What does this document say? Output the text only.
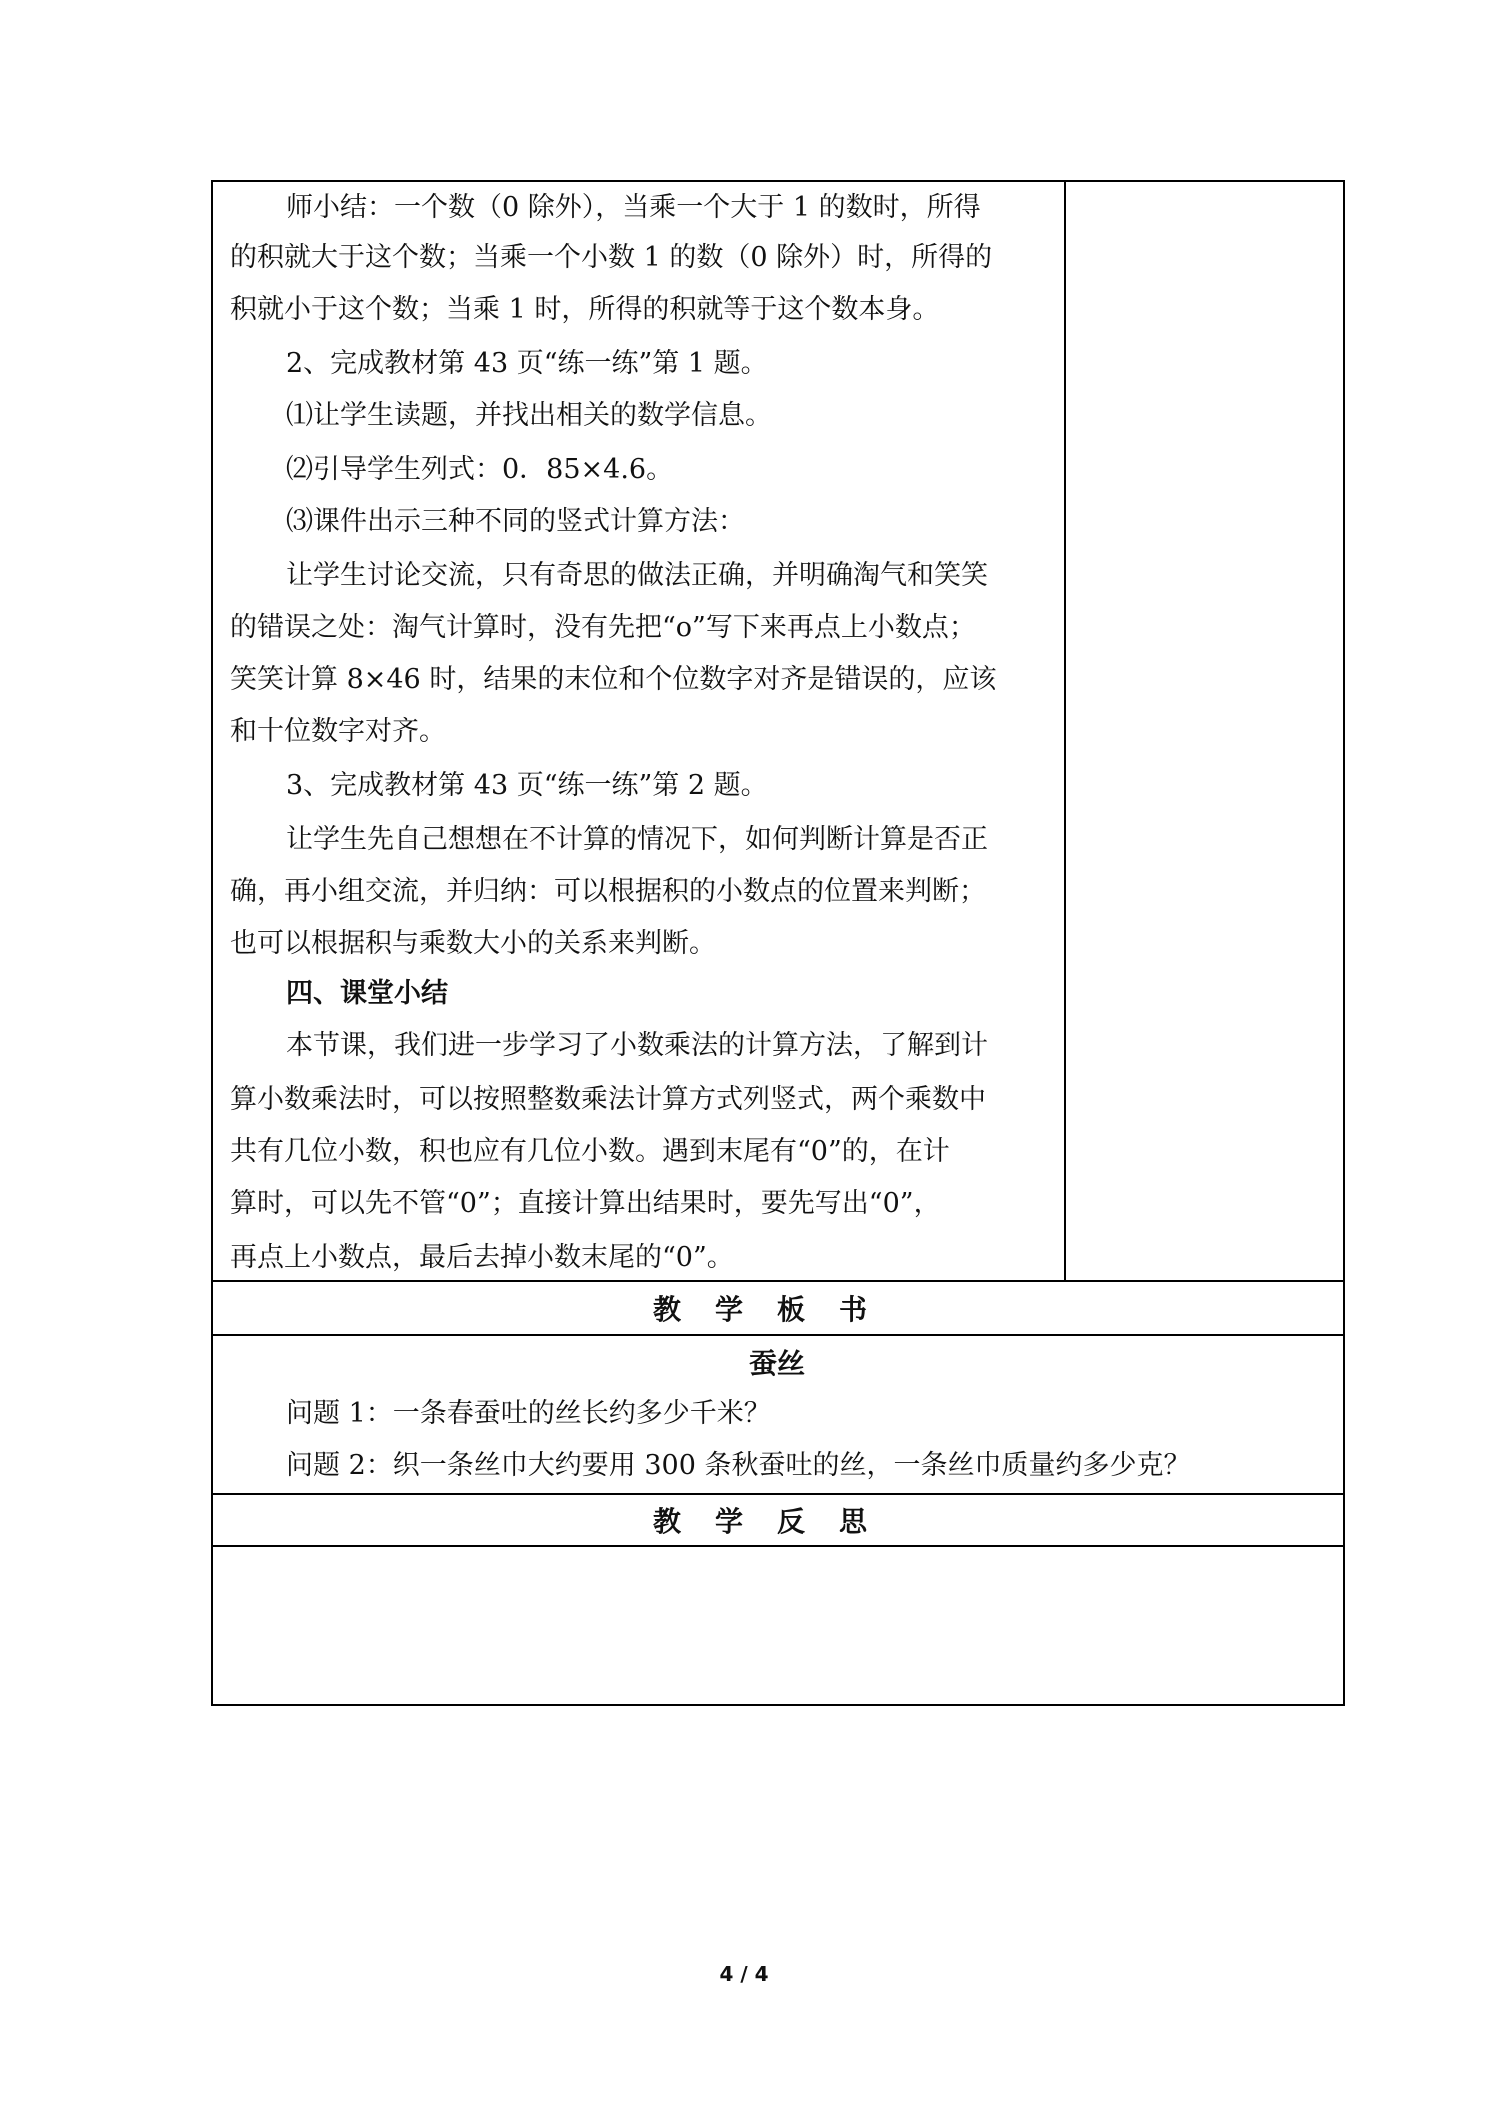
师小结：一个数（0 除外），当乘一个大于 1 的数时，所得
的积就大于这个数；当乘一个小数 1 的数（0 除外）时，所得的
积就小于这个数；当乘 1 时，所得的积就等于这个数本身。
2、完成教材第 43 页“练一练”第 1 题。
⑴让学生读题，并找出相关的数学信息。
⑵引导学生列式：0．85×4.6。
⑶课件出示三种不同的竖式计算方法：
让学生讨论交流，只有奇思的做法正确，并明确淘气和笑笑
的错误之处：淘气计算时，没有先把“o”写下来再点上小数点；
笑笑计算 8×46 时，结果的末位和个位数字对齐是错误的，应该
和十位数字对齐。
3、完成教材第 43 页“练一练”第 2 题。
让学生先自己想想在不计算的情况下，如何判断计算是否正
确，再小组交流，并归纳：可以根据积的小数点的位置来判断；
也可以根据积与乘数大小的关系来判断。
四、课堂小结
本节课，我们进一步学习了小数乘法的计算方法，了解到计
算小数乘法时，可以按照整数乘法计算方式列竖式，两个乘数中
共有几位小数，积也应有几位小数。遇到末尾有“0”的，在计
算时，可以先不管“0”；直接计算出结果时，要先写出“0”，
再点上小数点，最后去掉小数末尾的“0”。
教学板书
蚕丝
问题 1：一条春蚕吐的丝长约多少千米？
问题 2：织一条丝巾大约要用 300 条秋蚕吐的丝，一条丝巾质量约多少克？
教学反思
4 / 4
